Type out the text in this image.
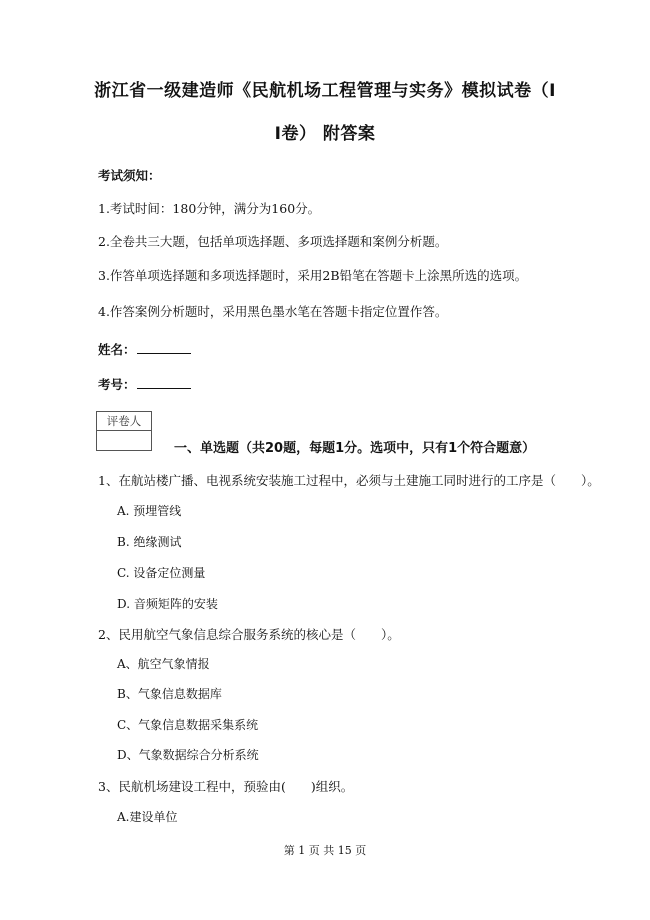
浙江省一级建造师《民航机场工程管理与实务》模拟试卷（I
I卷） 附答案
考试须知：
1.考试时间：180分钟，满分为160分。
2.全卷共三大题，包括单项选择题、多项选择题和案例分析题。
3.作答单项选择题和多项选择题时，采用2B铅笔在答题卡上涂黑所选的选项。
4.作答案例分析题时，采用黑色墨水笔在答题卡指定位置作答。
姓名：
考号：
评卷人
一、单选题（共20题，每题1分。选项中，只有1个符合题意）
1、在航站楼广播、电视系统安装施工过程中，必须与土建施工同时进行的工序是（　　）。
A. 预埋管线
B. 绝缘测试
C. 设备定位测量
D. 音频矩阵的安装
2、民用航空气象信息综合服务系统的核心是（　　）。
A、航空气象情报
B、气象信息数据库
C、气象信息数据采集系统
D、气象数据综合分析系统
3、民航机场建设工程中，预验由(　　)组织。
A.建设单位
第 1 页 共 15 页
